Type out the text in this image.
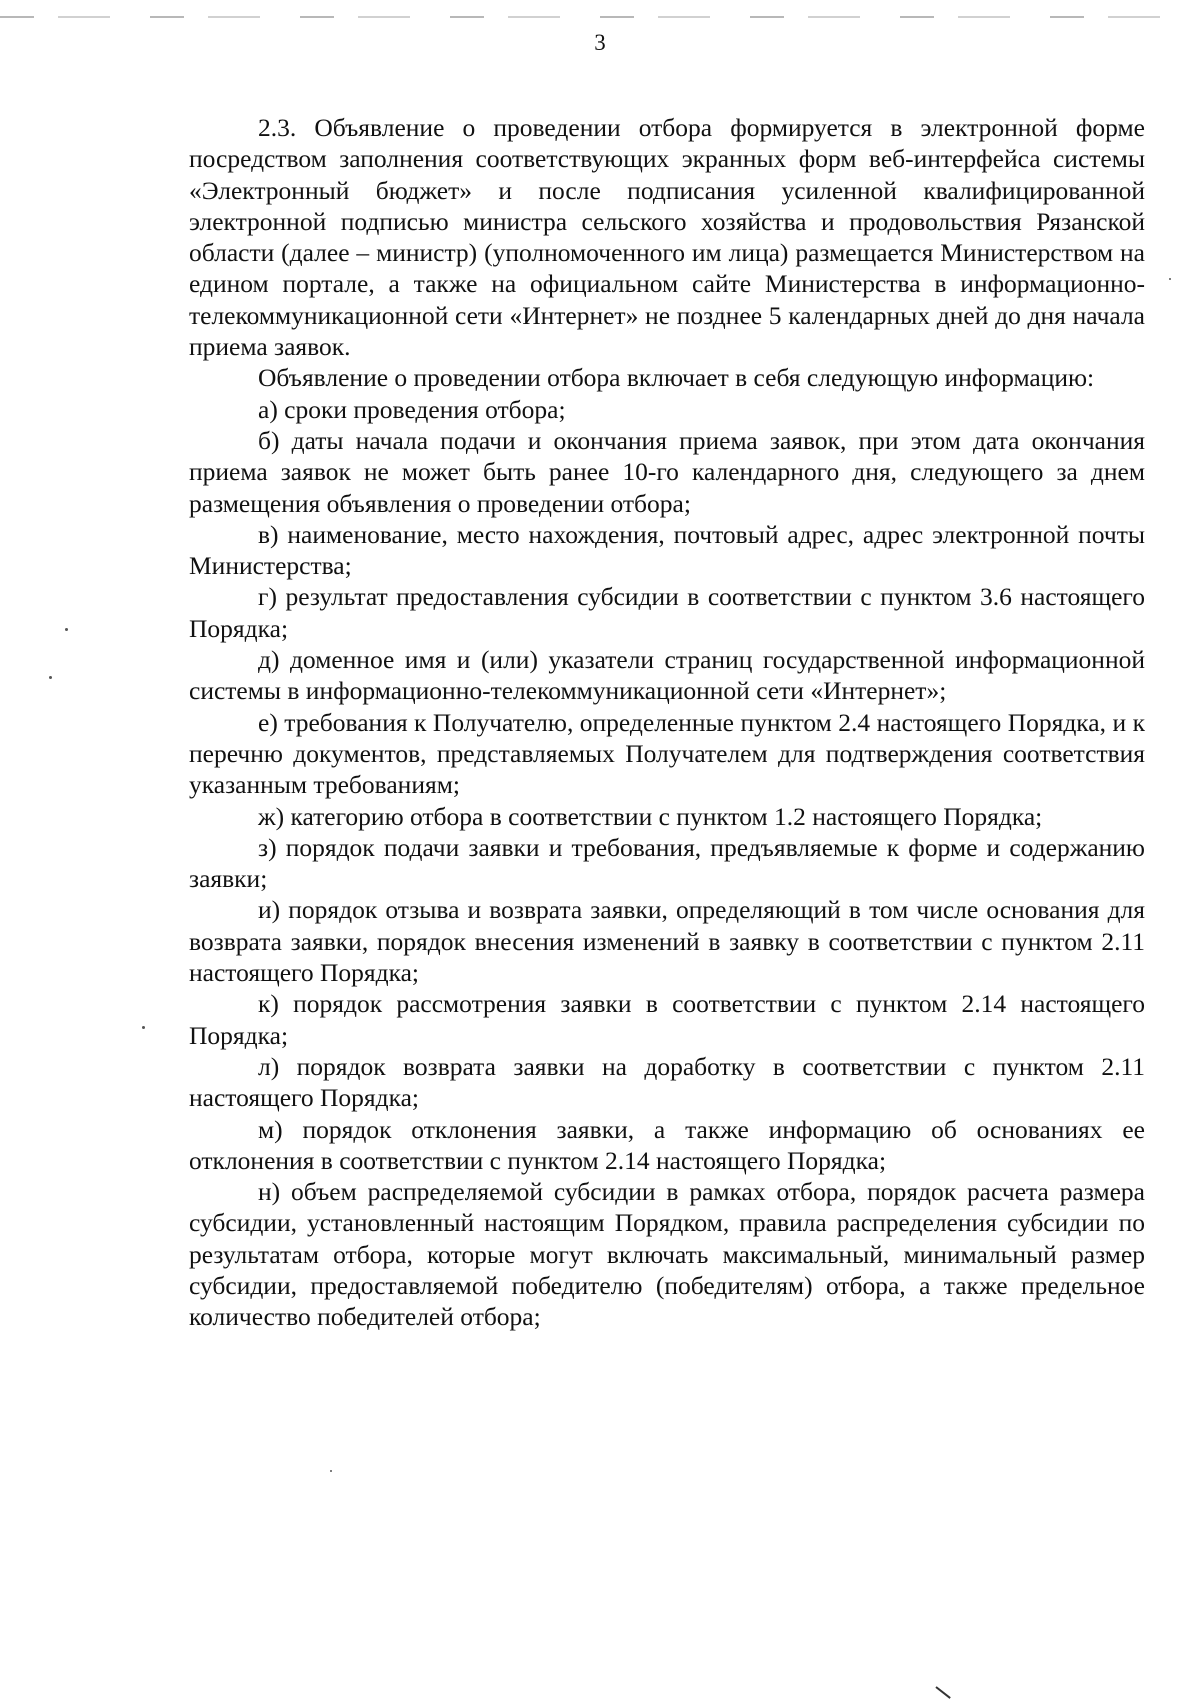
3

2.3. Объявление о проведении отбора формируется в электронной форме посредством заполнения соответствующих экранных форм веб-интерфейса системы «Электронный бюджет» и после подписания усиленной квалифицированной электронной подписью министра сельского хозяйства и продовольствия Рязанской области (далее – министр) (уполномоченного им лица) размещается Министерством на едином портале, а также на официальном сайте Министерства в информационно-телекоммуникационной сети «Интернет» не позднее 5 календарных дней до дня начала приема заявок.

Объявление о проведении отбора включает в себя следующую информацию:

а) сроки проведения отбора;

б) даты начала подачи и окончания приема заявок, при этом дата окончания приема заявок не может быть ранее 10-го календарного дня, следующего за днем размещения объявления о проведении отбора;

в) наименование, место нахождения, почтовый адрес, адрес электронной почты Министерства;

г) результат предоставления субсидии в соответствии с пунктом 3.6 настоящего Порядка;

д) доменное имя и (или) указатели страниц государственной информационной системы в информационно-телекоммуникационной сети «Интернет»;

е) требования к Получателю, определенные пунктом 2.4 настоящего Порядка, и к перечню документов, представляемых Получателем для подтверждения соответствия указанным требованиям;

ж) категорию отбора в соответствии с пунктом 1.2 настоящего Порядка;

з) порядок подачи заявки и требования, предъявляемые к форме и содержанию заявки;

и) порядок отзыва и возврата заявки, определяющий в том числе основания для возврата заявки, порядок внесения изменений в заявку в соответствии с пунктом 2.11 настоящего Порядка;

к) порядок рассмотрения заявки в соответствии с пунктом 2.14 настоящего Порядка;

л) порядок возврата заявки на доработку в соответствии с пунктом 2.11 настоящего Порядка;

м) порядок отклонения заявки, а также информацию об основаниях ее отклонения в соответствии с пунктом 2.14 настоящего Порядка;

н) объем распределяемой субсидии в рамках отбора, порядок расчета размера субсидии, установленный настоящим Порядком, правила распределения субсидии по результатам отбора, которые могут включать максимальный, минимальный размер субсидии, предоставляемой победителю (победителям) отбора, а также предельное количество победителей отбора;
